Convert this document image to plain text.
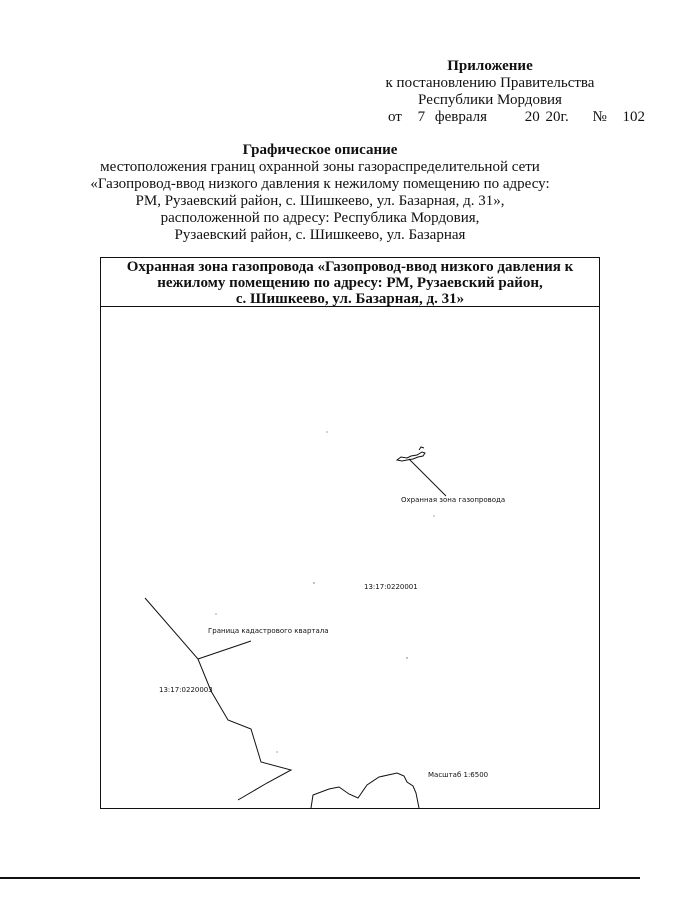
Приложение
к постановлению Правительства
Республики Мордовия
от 7 февраля	20 20г. № 102
Графическое описание
местоположения границ охранной зоны газораспределительной сети
«Газопровод-ввод низкого давления к нежилому помещению по адресу:
РМ, Рузаевский район, с. Шишкеево, ул. Базарная, д. 31»,
расположенной по адресу: Республика Мордовия,
Рузаевский район, с. Шишкеево, ул. Базарная
Охранная зона газопровода «Газопровод-ввод низкого давления к
нежилому помещению по адресу: РМ, Рузаевский район,
с. Шишкеево, ул. Базарная, д. 31»
Охранная зона газопровода
13:17:0220001
Граница кадастрового квартала
13:17:0220003
Масштаб 1:6500
